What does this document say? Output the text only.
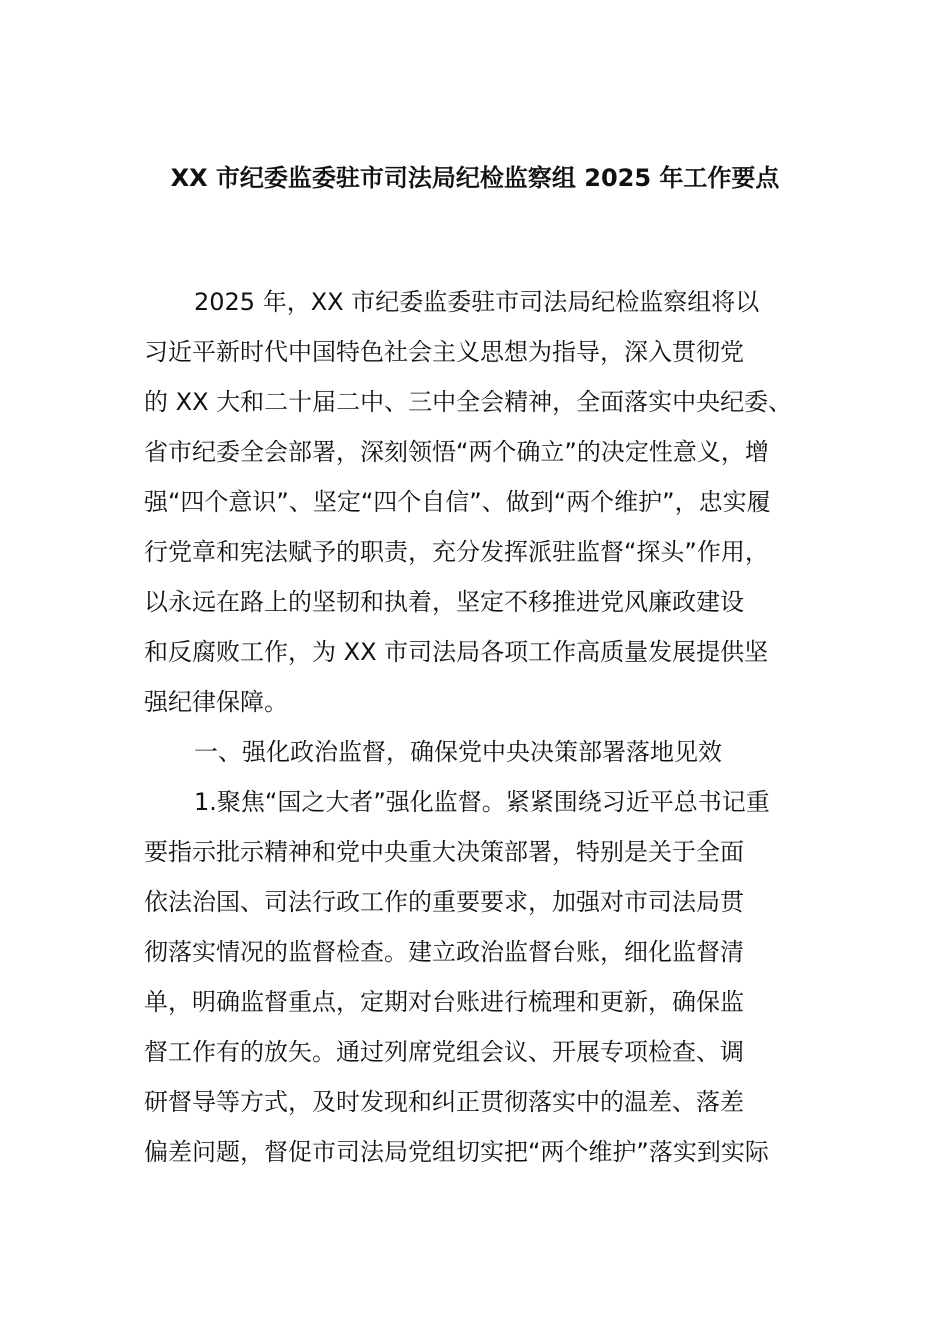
XX 市纪委监委驻市司法局纪检监察组 2025 年工作要点
2025 年，XX 市纪委监委驻市司法局纪检监察组将以
习近平新时代中国特色社会主义思想为指导，深入贯彻党
的 XX 大和二十届二中、三中全会精神，全面落实中央纪委、
省市纪委全会部署，深刻领悟“两个确立”的决定性意义，增
强“四个意识”、坚定“四个自信”、做到“两个维护”，忠实履
行党章和宪法赋予的职责，充分发挥派驻监督“探头”作用，
以永远在路上的坚韧和执着，坚定不移推进党风廉政建设
和反腐败工作，为 XX 市司法局各项工作高质量发展提供坚
强纪律保障。
一、强化政治监督，确保党中央决策部署落地见效
1.聚焦“国之大者”强化监督。紧紧围绕习近平总书记重
要指示批示精神和党中央重大决策部署，特别是关于全面
依法治国、司法行政工作的重要要求，加强对市司法局贯
彻落实情况的监督检查。建立政治监督台账，细化监督清
单，明确监督重点，定期对台账进行梳理和更新，确保监
督工作有的放矢。通过列席党组会议、开展专项检查、调
研督导等方式，及时发现和纠正贯彻落实中的温差、落差
偏差问题，督促市司法局党组切实把“两个维护”落实到实际
